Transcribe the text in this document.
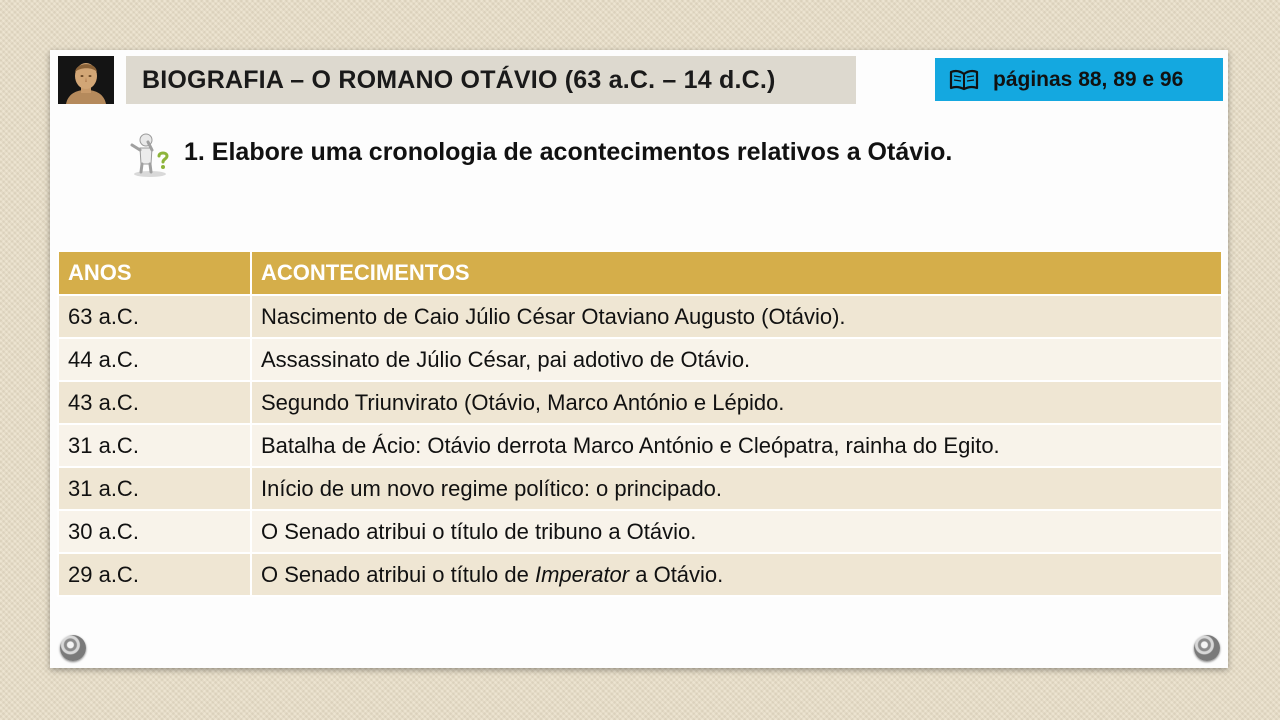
BIOGRAFIA – O ROMANO OTÁVIO (63 a.C. – 14 d.C.)	páginas 88, 89 e 96
1. Elabore uma cronologia de acontecimentos relativos a Otávio.
ANOS	ACONTECIMENTOS
63 a.C.	Nascimento de Caio Júlio César Otaviano Augusto (Otávio).
44 a.C.	Assassinato de Júlio César, pai adotivo de Otávio.
43 a.C.	Segundo Triunvirato (Otávio, Marco António e Lépido.
31 a.C.	Batalha de Ácio: Otávio derrota Marco António e Cleópatra, rainha do Egito.
31 a.C.	Início de um novo regime político: o principado.
30 a.C.	O Senado atribui o título de tribuno a Otávio.
29 a.C.	O Senado atribui o título de Imperator a Otávio.
